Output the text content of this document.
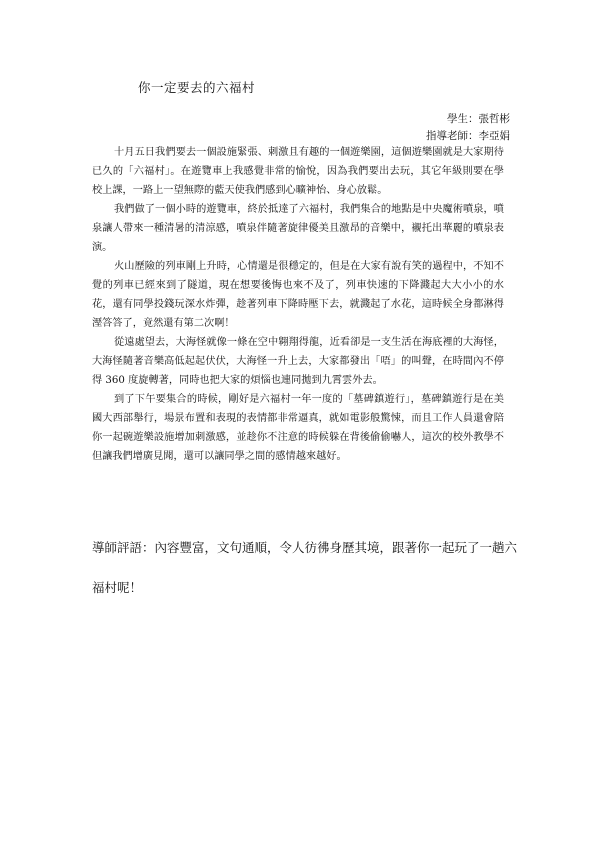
你一定要去的六福村
學生：張哲彬
指導老師：李亞娟

十月五日我們要去一個設施緊張、刺激且有趣的一個遊樂園，這個遊樂園就是大家期待已久的「六福村」。在遊覽車上我感覺非常的愉悅，因為我們要出去玩，其它年級則要在學校上課，一路上一望無際的藍天使我們感到心曠神怡、身心放鬆。

我們做了一個小時的遊覽車，終於抵達了六福村，我們集合的地點是中央魔術噴泉，噴泉讓人帶來一種清暑的清涼感，噴泉伴隨著旋律優美且激昂的音樂中，襯托出華麗的噴泉表演。

火山歷險的列車剛上升時，心情還是很穩定的，但是在大家有說有笑的過程中，不知不覺的列車已經來到了隧道，現在想要後悔也來不及了，列車快速的下降濺起大大小小的水花，還有同學投錢玩深水炸彈，趁著列車下降時壓下去，就濺起了水花，這時候全身都淋得溼答答了，竟然還有第二次啊！

從遠處望去，大海怪就像一條在空中翱翔得龍，近看卻是一支生活在海底裡的大海怪，大海怪隨著音樂高低起起伏伏，大海怪一升上去，大家都發出「唔」的叫聲，在時間內不停得 360 度旋轉著，同時也把大家的煩惱也連同拋到九霄雲外去。

到了下午要集合的時候，剛好是六福村一年一度的「墓碑鎮遊行」，墓碑鎮遊行是在美國大西部舉行，場景布置和表現的表情都非常逼真，就如電影般驚悚，而且工作人員還會陪你一起碗遊樂設施增加刺激感，並趁你不注意的時候躲在背後偷偷嚇人，這次的校外教學不但讓我們增廣見聞，還可以讓同學之間的感情越來越好。

導師評語：內容豐富，文句通順，令人彷彿身歷其境，跟著你一起玩了一趟六福村呢！
